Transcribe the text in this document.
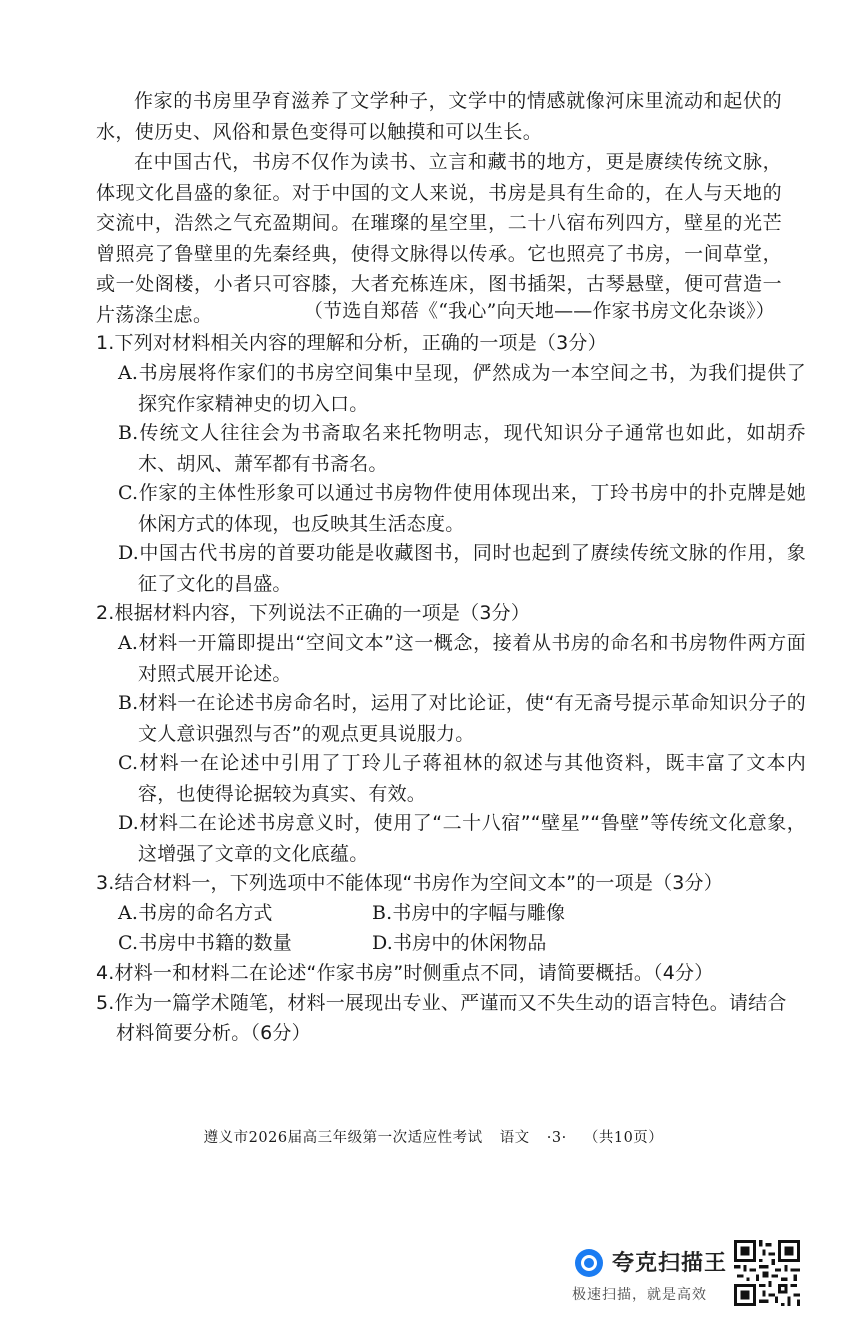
作家的书房里孕育滋养了文学种子，文学中的情感就像河床里流动和起伏的水，使历史、风俗和景色变得可以触摸和可以生长。

在中国古代，书房不仅作为读书、立言和藏书的地方，更是赓续传统文脉，体现文化昌盛的象征。对于中国的文人来说，书房是具有生命的，在人与天地的交流中，浩然之气充盈期间。在璀璨的星空里，二十八宿布列四方，壁星的光芒曾照亮了鲁壁里的先秦经典，使得文脉得以传承。它也照亮了书房，一间草堂，或一处阁楼，小者只可容膝，大者充栋连床，图书插架，古琴悬壁，便可营造一片荡涤尘虑。	（节选自郑蓓《“我心”向天地——作家书房文化杂谈》）
1.下列对材料相关内容的理解和分析，正确的一项是（3分）
A.书房展将作家们的书房空间集中呈现，俨然成为一本空间之书，为我们提供了探究作家精神史的切入口。
B.传统文人往往会为书斋取名来托物明志，现代知识分子通常也如此，如胡乔木、胡风、萧军都有书斋名。
C.作家的主体性形象可以通过书房物件使用体现出来，丁玲书房中的扑克牌是她休闲方式的体现，也反映其生活态度。
D.中国古代书房的首要功能是收藏图书，同时也起到了赓续传统文脉的作用，象征了文化的昌盛。
2.根据材料内容，下列说法不正确的一项是（3分）
A.材料一开篇即提出“空间文本”这一概念，接着从书房的命名和书房物件两方面对照式展开论述。
B.材料一在论述书房命名时，运用了对比论证，使“有无斋号提示革命知识分子的文人意识强烈与否”的观点更具说服力。
C.材料一在论述中引用了丁玲儿子蒋祖林的叙述与其他资料，既丰富了文本内容，也使得论据较为真实、有效。
D.材料二在论述书房意义时，使用了“二十八宿”“壁星”“鲁壁”等传统文化意象，这增强了文章的文化底蕴。
3.结合材料一，下列选项中不能体现“书房作为空间文本”的一项是（3分）
A.书房的命名方式	B.书房中的字幅与雕像
C.书房中书籍的数量	D.书房中的休闲物品
4.材料一和材料二在论述“作家书房”时侧重点不同，请简要概括。（4分）
5.作为一篇学术随笔，材料一展现出专业、严谨而又不失生动的语言特色。请结合材料简要分析。（6分）
遵义市2026届高三年级第一次适应性考试 语文 ·3· （共10页）
夸克扫描王
极速扫描，就是高效
